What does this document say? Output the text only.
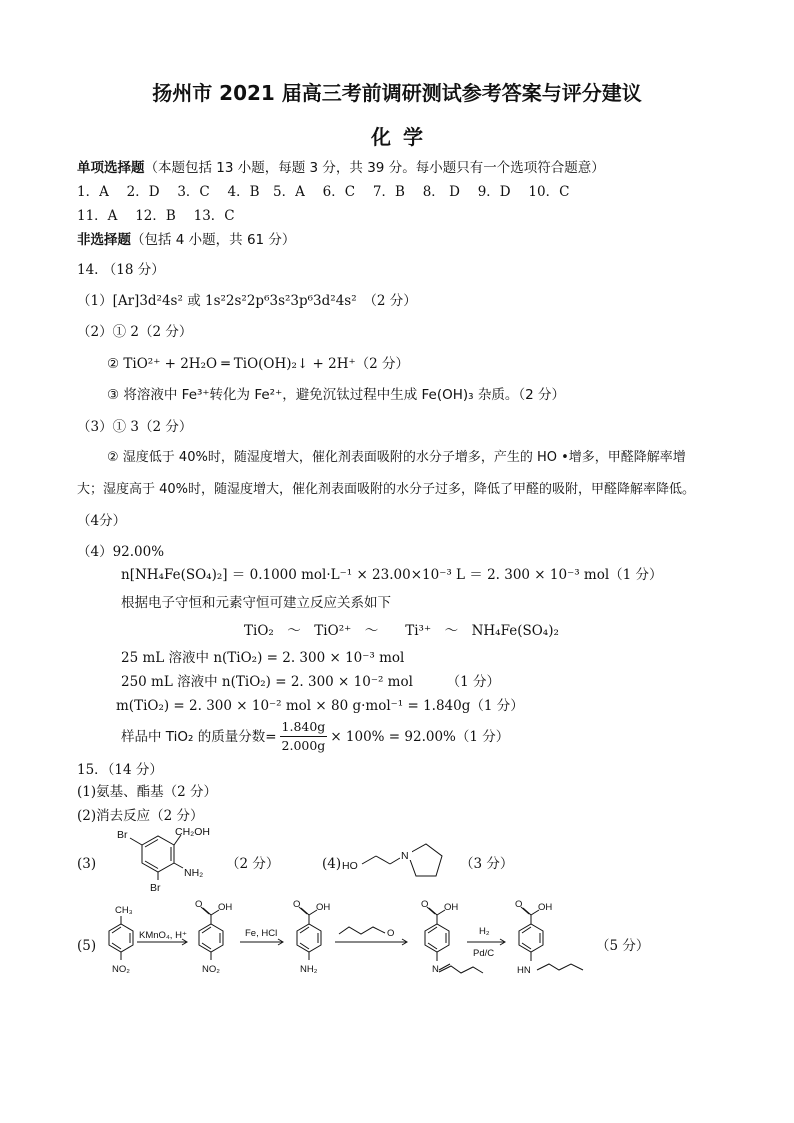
扬州市 2021 届高三考前调研测试参考答案与评分建议
化学
单项选择题（本题包括 13 小题，每题 3 分，共 39 分。每小题只有一个选项符合题意）
1．A　 2．D　 3．C　 4．B　5．A　 6．C　 7．B　 8． D　 9．D　 10．C
11．A　 12．B　 13．C
非选择题（包括 4 小题，共 61 分）
14. （18 分）
（1）[Ar]3d²4s² 或 1s²2s²2p⁶3s²3p⁶3d²4s²　（2 分）
（2）① 2（2 分）
② TiO²⁺ + 2H₂O ═ TiO(OH)₂↓ + 2H⁺（2 分）
③ 将溶液中 Fe³⁺转化为 Fe²⁺，避免沉钛过程中生成 Fe(OH)₃ 杂质。（2 分）
（3）① 3（2 分）
② 湿度低于 40%时，随湿度增大，催化剂表面吸附的水分子增多，产生的 HO •增多，甲醛降解率增
大；湿度高于 40%时，随湿度增大，催化剂表面吸附的水分子过多，降低了甲醛的吸附，甲醛降解率降低。
（4分）
（4）92.00%
n[NH₄Fe(SO₄)₂] ＝ 0.1000 mol·L⁻¹ × 23.00×10⁻³ L ＝ 2. 300 × 10⁻³ mol（1 分）
根据电子守恒和元素守恒可建立反应关系如下
TiO₂　～　TiO²⁺　～　　Ti³⁺　～　NH₄Fe(SO₄)₂
25 mL 溶液中 n(TiO₂) = 2. 300 × 10⁻³ mol
250 mL 溶液中 n(TiO₂) = 2. 300 × 10⁻² mol　　　（1 分）
m(TiO₂) = 2. 300 × 10⁻² mol × 80 g·mol⁻¹ = 1.840g（1 分）
样品中 TiO₂ 的质量分数= $\frac{1.840g}{2.000g} \times 100\% = 92.00\%(1$ 分）
15．（14 分）
(1)氨基、酯基（2 分）
(2)消去反应（2 分）
(3)	（2 分）	(4)	（3 分）
(5)	（5 分）
Br	CH₂OH
NH₂
Br
HO
N
CH₃
NO₂
KMnO₄, H⁺
O OH
NO₂
Fe, HCl
O OH
NH₂
O
O OH
N
H₂
Pd/C
O OH
HN
